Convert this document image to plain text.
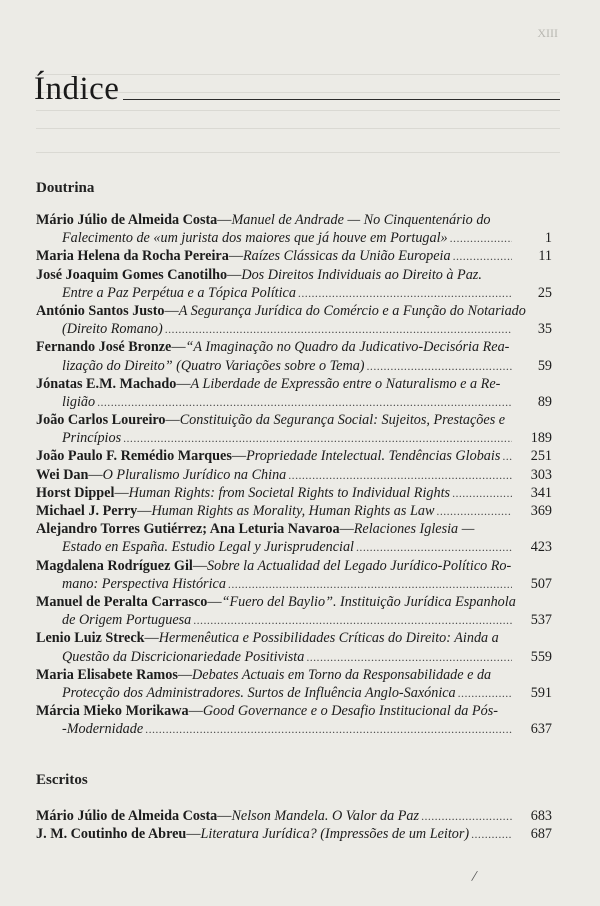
XIII
Índice
Doutrina
Mário Júlio de Almeida Costa — Manuel de Andrade — No Cinquentenário do
Falecimento de «um jurista dos maiores que já houve em Portugal» .....	1
Maria Helena da Rocha Pereira — Raízes Clássicas da União Europeia .....	11
José Joaquim Gomes Canotilho — Dos Direitos Individuais ao Direito à Paz.
Entre a Paz Perpétua e a Tópica Política .....	25
António Santos Justo — A Segurança Jurídica do Comércio e a Função do Notariado
(Direito Romano) .....	35
Fernando José Bronze — “A Imaginação no Quadro da Judicativo-Decisória Rea-
lização do Direito” (Quatro Variações sobre o Tema) .....	59
Jónatas E.M. Machado — A Liberdade de Expressão entre o Naturalismo e a Re-
ligião .....	89
João Carlos Loureiro — Constituição da Segurança Social: Sujeitos, Prestações e
Princípios .....	189
João Paulo F. Remédio Marques — Propriedade Intelectual. Tendências Globais .....	251
Wei Dan — O Pluralismo Jurídico na China .....	303
Horst Dippel — Human Rights: from Societal Rights to Individual Rights .....	341
Michael J. Perry — Human Rights as Morality, Human Rights as Law .....	369
Alejandro Torres Gutiérrez; Ana Leturia Navaroa — Relaciones Iglesia —
Estado en España. Estudio Legal y Jurisprudencial .....	423
Magdalena Rodríguez Gil — Sobre la Actualidad del Legado Jurídico-Político Ro-
mano: Perspectiva Histórica .....	507
Manuel de Peralta Carrasco — “Fuero del Baylio”. Instituição Jurídica Espanhola
de Origem Portuguesa .....	537
Lenio Luiz Streck — Hermenêutica e Possibilidades Críticas do Direito: Ainda a
Questão da Discricionariedade Positivista .....	559
Maria Elisabete Ramos — Debates Actuais em Torno da Responsabilidade e da
Protecção dos Administradores. Surtos de Influência Anglo-Saxónica .....	591
Márcia Mieko Morikawa — Good Governance e o Desafio Institucional da Pós-
-Modernidade .....	637
Escritos
Mário Júlio de Almeida Costa — Nelson Mandela. O Valor da Paz .....	683
J. M. Coutinho de Abreu — Literatura Jurídica? (Impressões de um Leitor) .....	687
/
